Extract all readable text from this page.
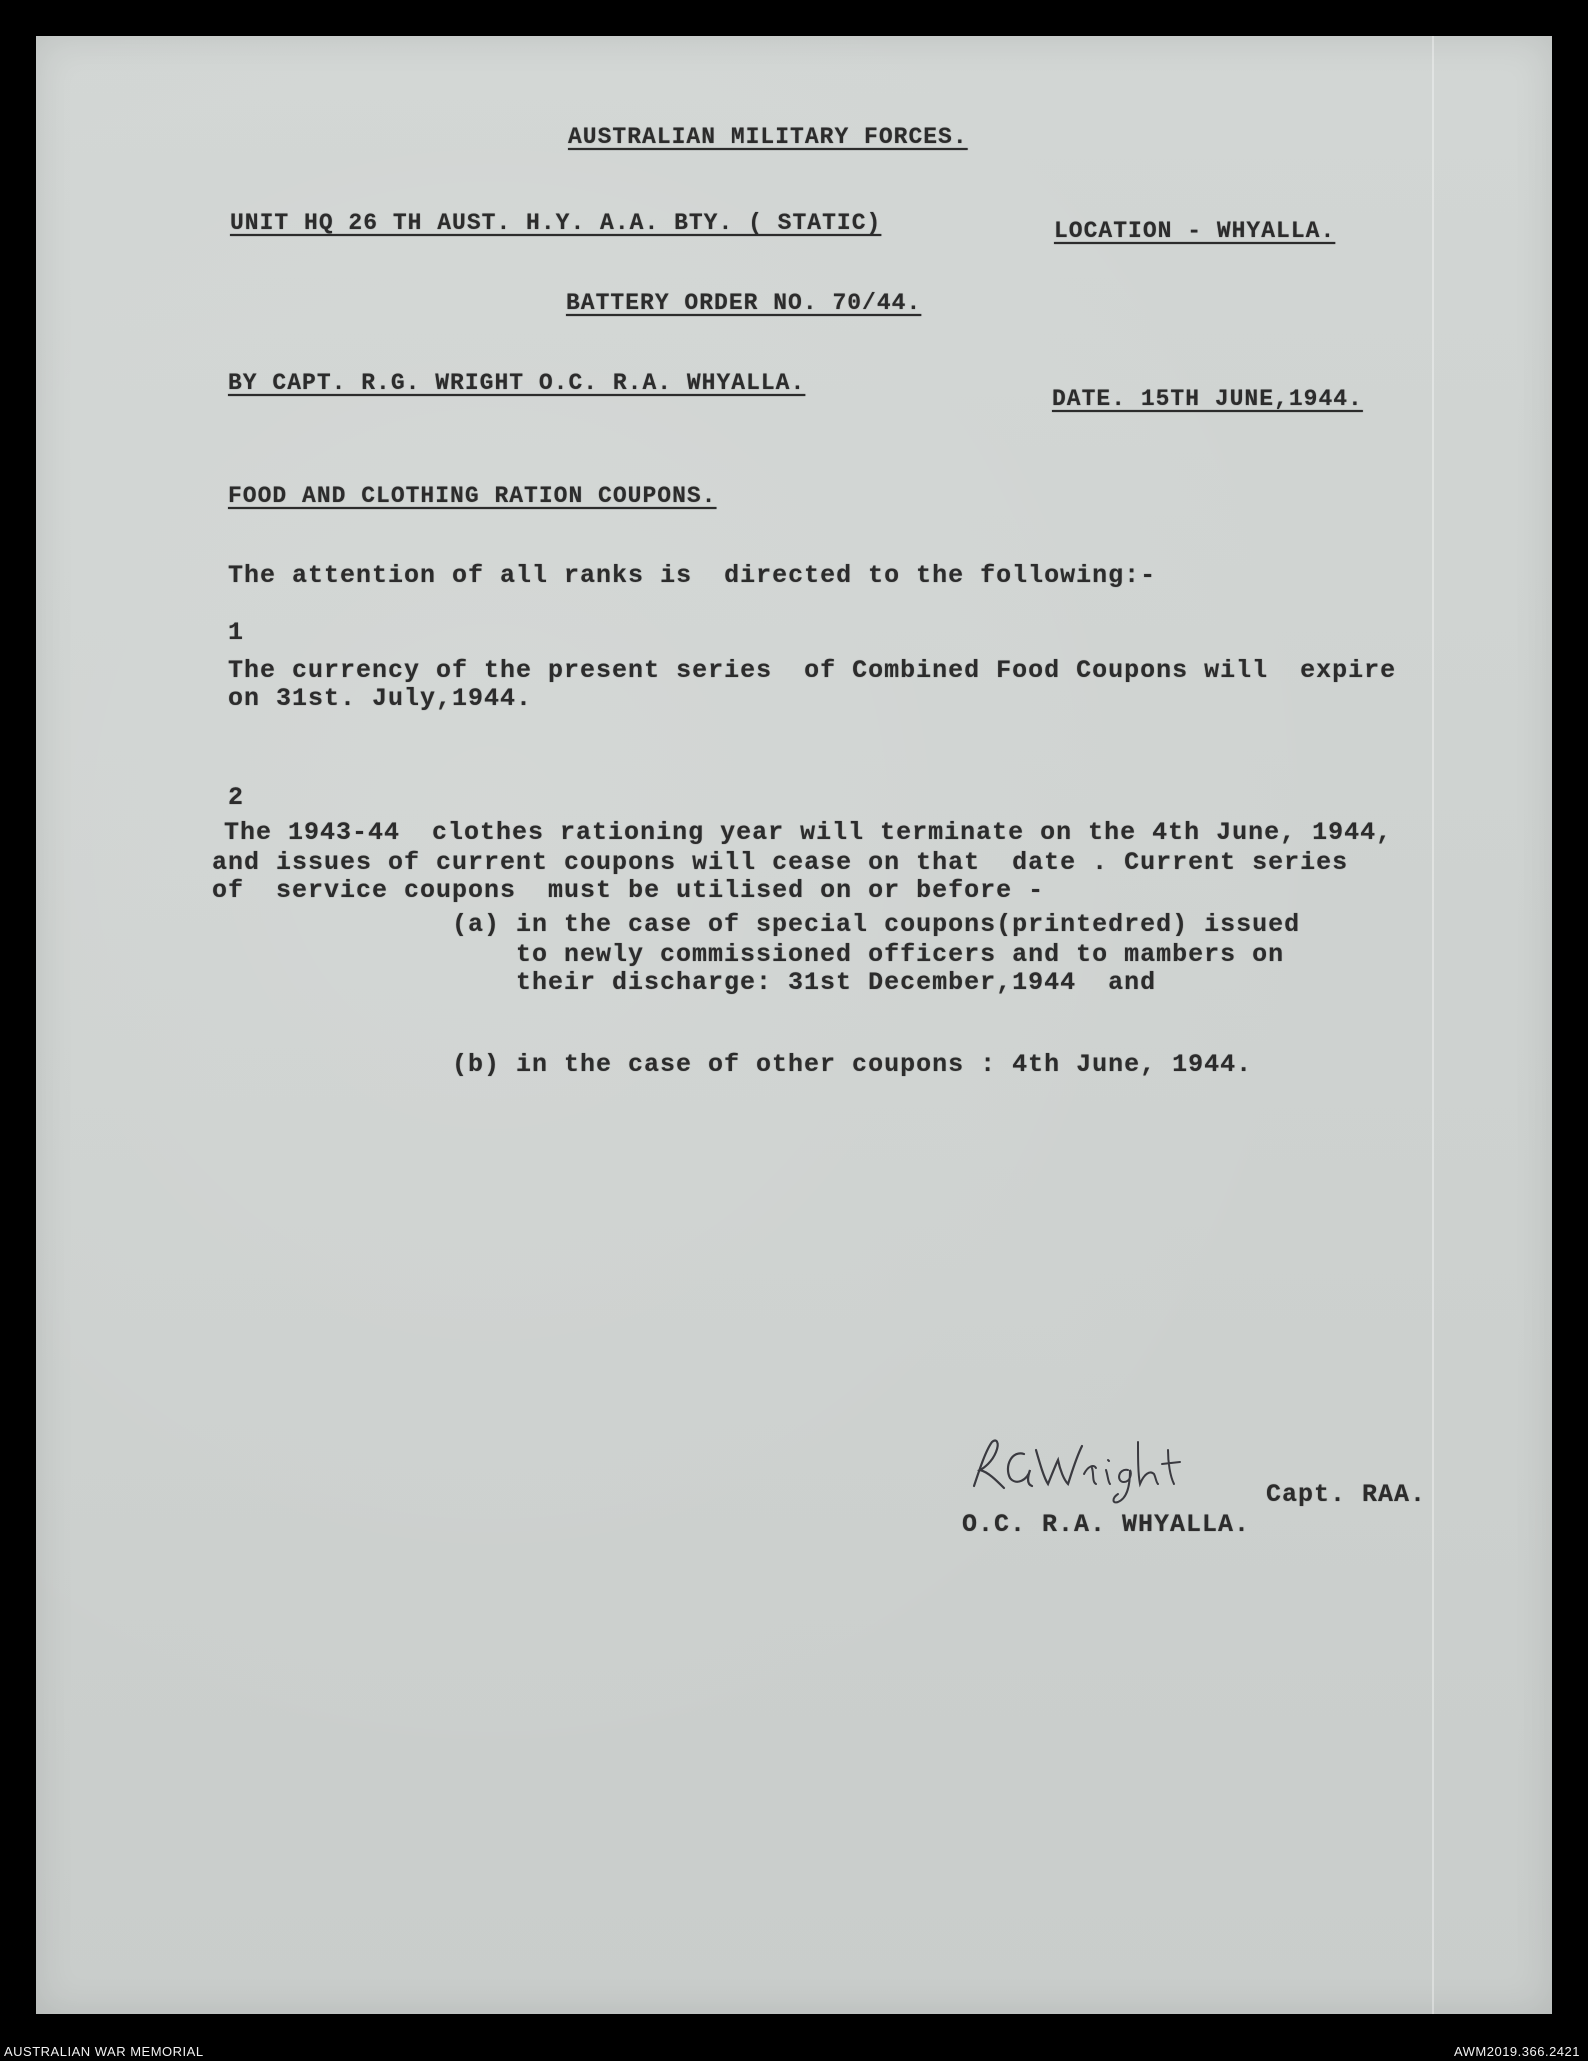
AUSTRALIAN MILITARY FORCES.
UNIT HQ 26 TH AUST. H.Y. A.A. BTY. ( STATIC)	LOCATION - WHYALLA.
BATTERY ORDER NO. 70/44.
BY CAPT. R.G. WRIGHT O.C. R.A. WHYALLA.
DATE. 15TH JUNE,1944.
FOOD AND CLOTHING RATION COUPONS.
The attention of all ranks is  directed to the following:-
1
The currency of the present series  of Combined Food Coupons will  expire
on 31st. July,1944.
2
The 1943-44  clothes rationing year will terminate on the 4th June, 1944,
and issues of current coupons will cease on that  date . Current series
of  service coupons  must be utilised on or before -
(a) in the case of special coupons(printedred) issued
to newly commissioned officers and to mambers on
their discharge: 31st December,1944  and
(b) in the case of other coupons : 4th June, 1944.
Capt. RAA.
O.C. R.A. WHYALLA.
AUSTRALIAN WAR MEMORIAL	AWM2019.366.2421
